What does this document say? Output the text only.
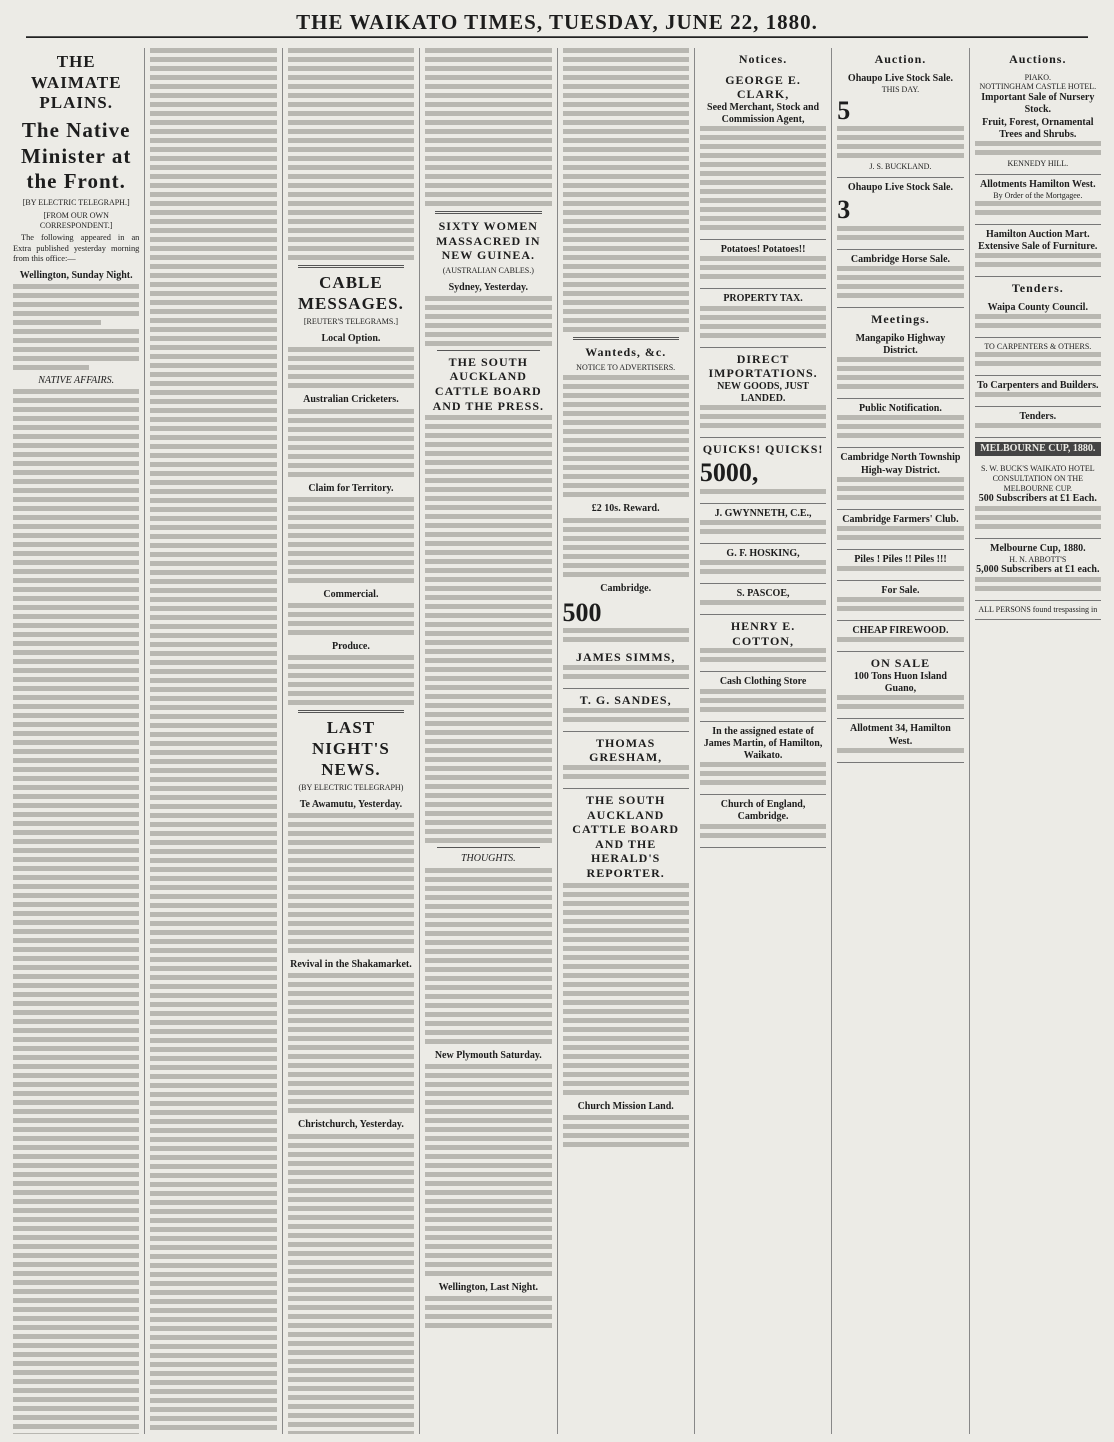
THE WAIKATO TIMES, TUESDAY, JUNE 22, 1880.
THE WAIMATE PLAINS.
The Native Minister at the Front.
[BY ELECTRIC TELEGRAPH.]
[FROM OUR OWN CORRESPONDENT.]

The following appeared in an Extra published yesterday morning from this office:—

Wellington, Sunday Night.
NATIVE AFFAIRS.
CABLE MESSAGES.
[REUTER'S TELEGRAMS.]
Local Option.
Australian Cricketers.
Claim for Territory.
Commercial.
Produce.
LAST NIGHT'S NEWS.
(BY ELECTRIC TELEGRAPH)
Te Awamutu, Yesterday.
Revival in the Shakamarket.
Christchurch, Yesterday.
SIXTY WOMEN MASSACRED IN NEW GUINEA.
(AUSTRALIAN CABLES.)
Sydney, Yesterday.
THE SOUTH AUCKLAND CATTLE BOARD AND THE PRESS.
THOUGHTS.
New Plymouth Saturday.
Wellington, Last Night.
Wanteds, &c.
NOTICE TO ADVERTISERS.
£2 10s. Reward.
Cambridge.
500
JAMES SIMMS,
T. G. SANDES,
THOMAS GRESHAM,
THE SOUTH AUCKLAND CATTLE BOARD AND THE HERALD'S REPORTER.
Church Mission Land.
Notices.
GEORGE E. CLARK,
Seed Merchant, Stock and Commission Agent,
Potatoes! Potatoes!!
PROPERTY TAX.
DIRECT IMPORTATIONS.
NEW GOODS, JUST LANDED.
QUICKS! QUICKS!
5000,
J. GWYNNETH, C.E.,
G. F. HOSKING,
S. PASCOE,
HENRY E. COTTON,
Cash Clothing Store
In the assigned estate of James Martin, of Hamilton, Waikato.
Church of England, Cambridge.
Auction.
Ohaupo Live Stock Sale.
THIS DAY.
5
J. S. BUCKLAND.
Ohaupo Live Stock Sale.
3
Cambridge Horse Sale.
Meetings.
Mangapiko Highway District.
Public Notification.
Cambridge North Township High-way District.
Cambridge Farmers' Club.
Piles ! Piles !! Piles !!!
For Sale.
CHEAP FIREWOOD.
ON SALE
100 Tons Huon Island Guano,
Allotment 34, Hamilton West.
Auctions.
PIAKO.
NOTTINGHAM CASTLE HOTEL.
Important Sale of Nursery Stock.
Fruit, Forest, Ornamental Trees and Shrubs.
KENNEDY HILL.
Allotments Hamilton West.
By Order of the Mortgagee.
Hamilton Auction Mart.
Extensive Sale of Furniture.
Tenders.
Waipa County Council.
TO CARPENTERS & OTHERS.
To Carpenters and Builders.
Tenders.
MELBOURNE CUP, 1880.
S. W. BUCK'S WAIKATO HOTEL CONSULTATION ON THE MELBOURNE CUP.
500 Subscribers at £1 Each.
Melbourne Cup, 1880.
H. N. ABBOTT'S
5,000 Subscribers at £1 each.
ALL PERSONS found trespassing in
